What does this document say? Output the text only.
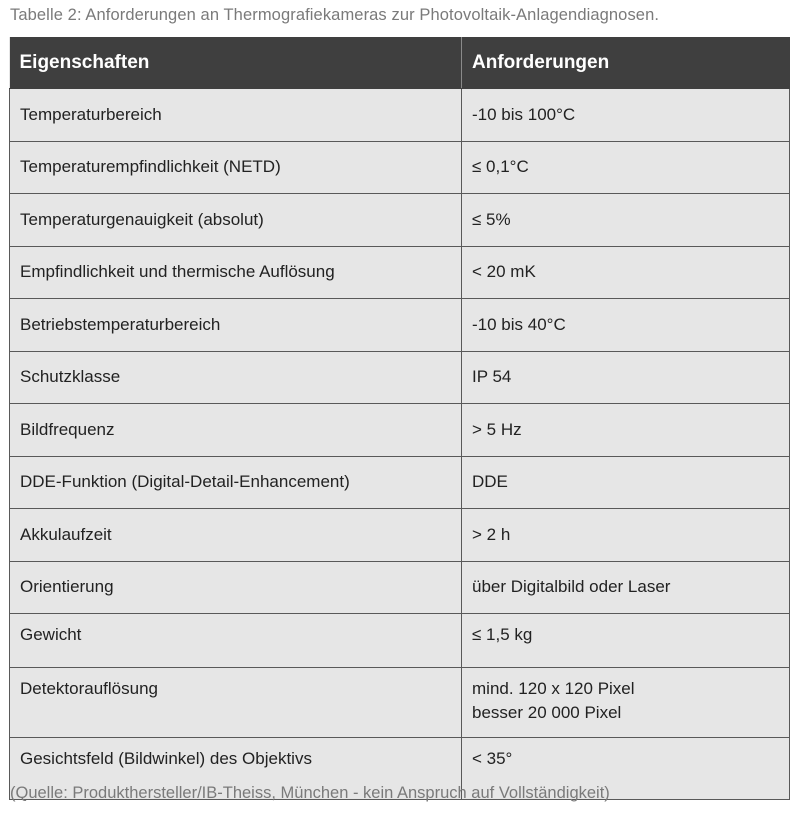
Tabelle 2: Anforderungen an Thermografiekameras zur Photovoltaik-Anlagendiagnosen.
Eigenschaften	Anforderungen
Temperaturbereich	-10 bis 100°C
Temperaturempfindlichkeit (NETD)	≤ 0,1°C
Temperaturgenauigkeit (absolut)	≤ 5%
Empfindlichkeit und thermische Auflösung	< 20 mK
Betriebstemperaturbereich	-10 bis 40°C
Schutzklasse	IP 54
Bildfrequenz	> 5 Hz
DDE-Funktion (Digital-Detail-Enhancement)	DDE
Akkulaufzeit	> 2 h
Orientierung	über Digitalbild oder Laser
Gewicht	≤ 1,5 kg
Detektorauflösung	mind. 120 x 120 Pixel
besser 20 000 Pixel

Gesichtsfeld (Bildwinkel) des Objektivs	< 35°
(Quelle: Produkthersteller/IB-Theiss, München - kein Anspruch auf Vollständigkeit)
